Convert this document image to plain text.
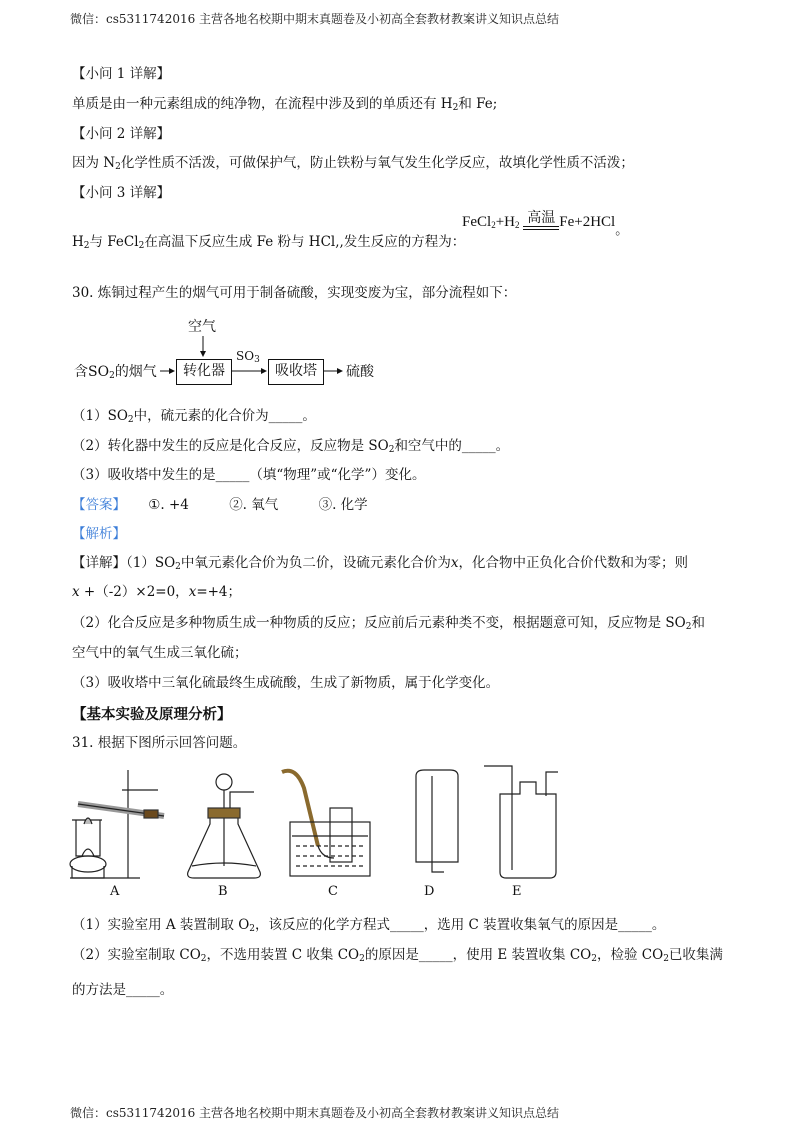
微信：cs5311742016 主营各地名校期中期末真题卷及小初高全套教材教案讲义知识点总结
【小问 1 详解】
单质是由一种元素组成的纯净物，在流程中涉及到的单质还有 $H_2$和 Fe;
【小问 2 详解】
因为 $N_2$化学性质不活泼，可做保护气，防止铁粉与氧气发生化学反应，故填化学性质不活泼；
【小问 3 详解】
$H_2$与 FeCl$_2$在高温下反应生成 Fe 粉与 HCl,,发生反应的方程为：
$FeCl_2+H_2$ 高温 Fe+2HCl。
30. 炼铜过程产生的烟气可用于制备硫酸，实现变废为宝，部分流程如下：
空气
含$SO_2$的烟气	转化器
$SO_3$
吸收塔	硫酸
$(1)SO_2$中，硫元素的化合价为_____。
（2）转化器中发生的反应是化合反应，反应物是 $SO_2$和空气中的_____。
（3）吸收塔中发生的是_____（填“物理”或“化学”）变化。
【答案】 ①. +4	②. 氧气	③. 化学
【解析】
【详解】$(1)SO_2$中氧元素化合价为负二价，设硫元素化合价为x，化合物中正负化合价代数和为零；则
x +（-2）×2=0，x=+4；
（2）化合反应是多种物质生成一种物质的反应；反应前后元素种类不变，根据题意可知，反应物是 $SO_2$和
空气中的氧气生成三氧化硫；
（3）吸收塔中三氧化硫最终生成硫酸，生成了新物质，属于化学变化。
【基本实验及原理分析】
31. 根据下图所示回答问题。
A	B	C	D	E
（1）实验室用 A 装置制取 $O_2$，该反应的化学方程式_____，选用 C 装置收集氧气的原因是_____。
（2）实验室制取 $CO_2$，不选用装置 C 收集 $CO_2$的原因是_____，使用 E 装置收集 $CO_2$，检验 $CO_2$已收集满
的方法是_____。
微信：cs5311742016 主营各地名校期中期末真题卷及小初高全套教材教案讲义知识点总结
